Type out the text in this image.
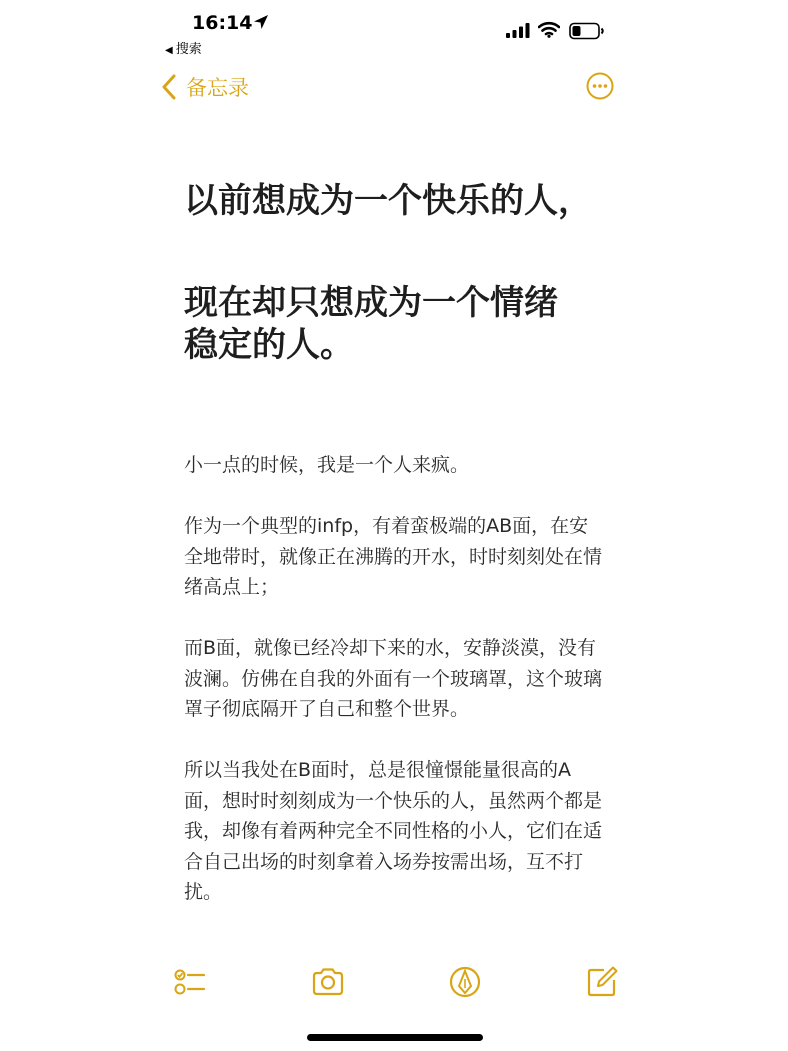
16:14
◀ 搜索
备忘录

以前想成为一个快乐的人，

现在却只想成为一个情绪稳定的人。

小一点的时候，我是一个人来疯。

作为一个典型的infp，有着蛮极端的AB面，在安全地带时，就像正在沸腾的开水，时时刻刻处在情绪高点上；

而B面，就像已经冷却下来的水，安静淡漠，没有波澜。仿佛在自我的外面有一个玻璃罩，这个玻璃罩子彻底隔开了自己和整个世界。

所以当我处在B面时，总是很憧憬能量很高的A面，想时时刻刻成为一个快乐的人，虽然两个都是我，却像有着两种完全不同性格的小人，它们在适合自己出场的时刻拿着入场券按需出场，互不打扰。
